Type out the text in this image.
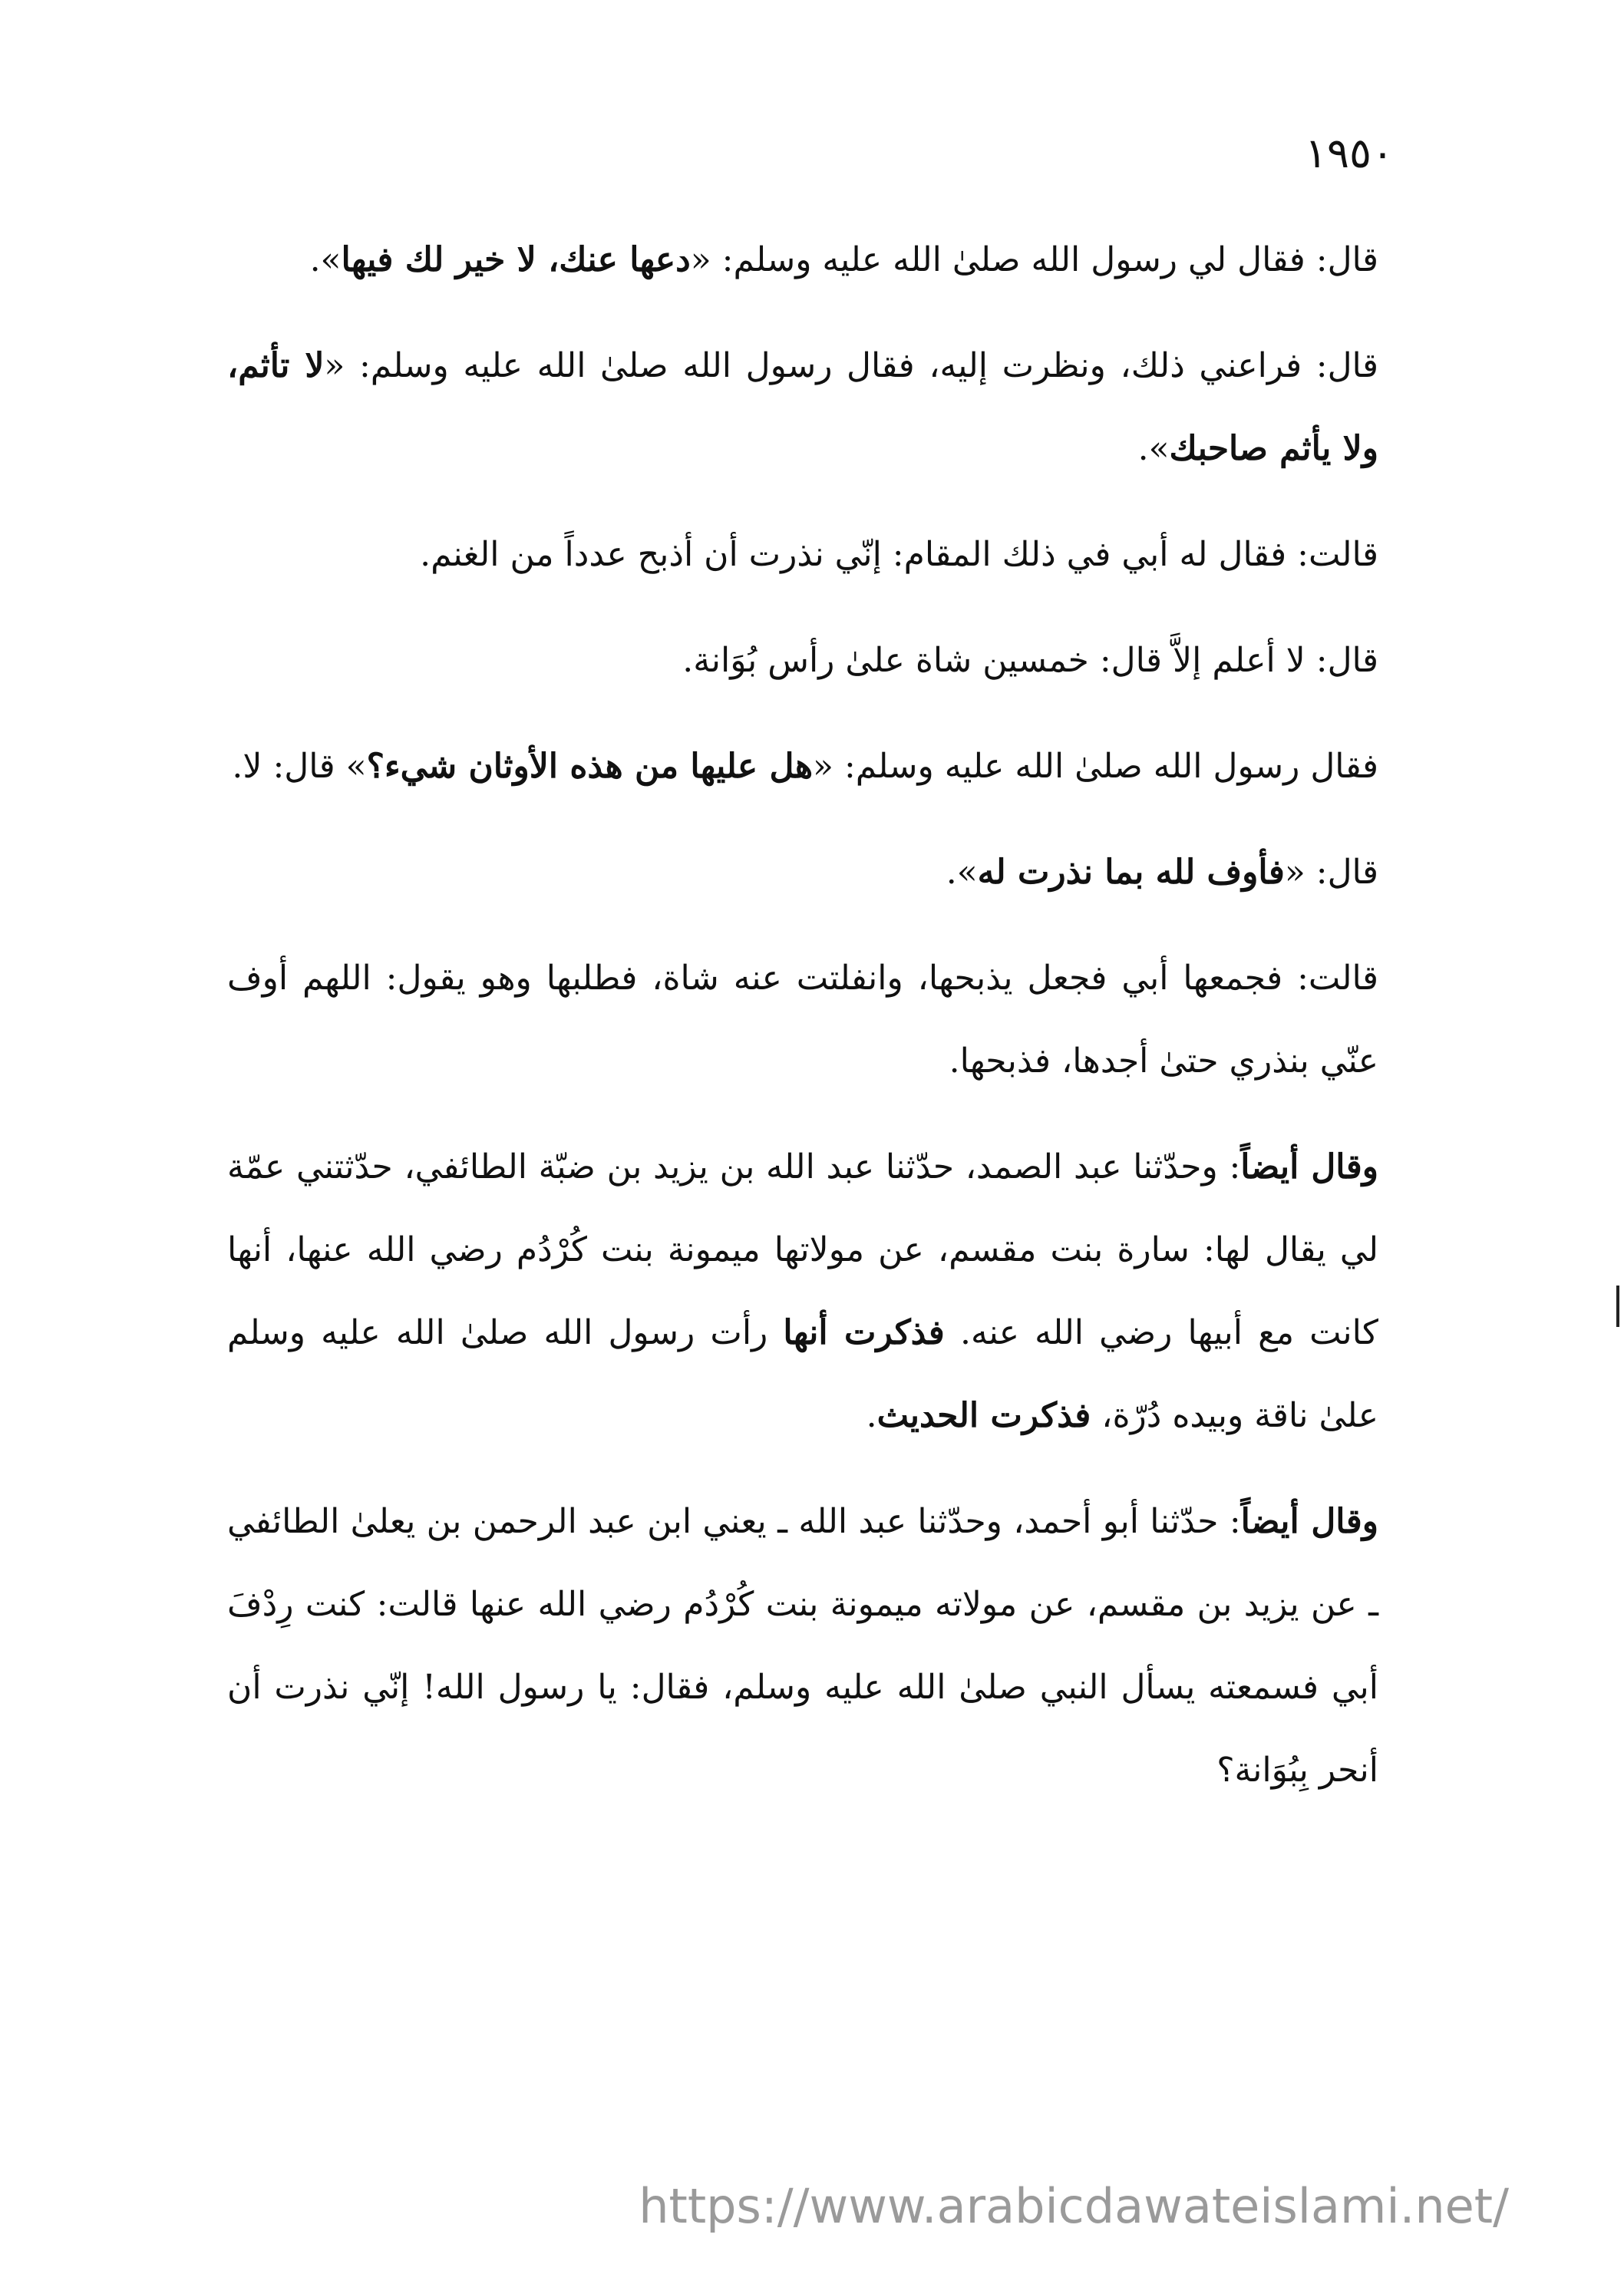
١٩٥٠

قال: فقال لي رسول الله صلىٰ الله عليه وسلم: «دعها عنك، لا خير لك فيها».

قال: فراعني ذلك، ونظرت إليه، فقال رسول الله صلىٰ الله عليه وسلم: «لا تأثم، ولا يأثم صاحبك».

قالت: فقال له أبي في ذلك المقام: إنّي نذرت أن أذبح عدداً من الغنم.

قال: لا أعلم إلاَّ قال: خمسين شاة علىٰ رأس بُوَانة.

فقال رسول الله صلىٰ الله عليه وسلم: «هل عليها من هذه الأوثان شيء؟» قال: لا.

قال: «فأوف لله بما نذرت له».

قالت: فجمعها أبي فجعل يذبحها، وانفلتت عنه شاة، فطلبها وهو يقول: اللهم أوف عنّي بنذري حتىٰ أجدها، فذبحها.

وقال أيضاً: وحدّثنا عبد الصمد، حدّثنا عبد الله بن يزيد بن ضبّة الطائفي، حدّثتني عمّة لي يقال لها: سارة بنت مقسم، عن مولاتها ميمونة بنت كُرْدُم رضي الله عنها، أنها كانت مع أبيها رضي الله عنه. فذكرت أنها رأت رسول الله صلىٰ الله عليه وسلم علىٰ ناقة وبيده دُرّة، فذكرت الحديث.

وقال أيضاً: حدّثنا أبو أحمد، وحدّثنا عبد الله ـ يعني ابن عبد الرحمن بن يعلىٰ الطائفي ـ عن يزيد بن مقسم، عن مولاته ميمونة بنت كُرْدُم رضي الله عنها قالت: كنت رِدْفَ أبي فسمعته يسأل النبي صلىٰ الله عليه وسلم، فقال: يا رسول الله! إنّي نذرت أن أنحر بِبُوَانة؟

https://www.arabicdawateislami.net/
